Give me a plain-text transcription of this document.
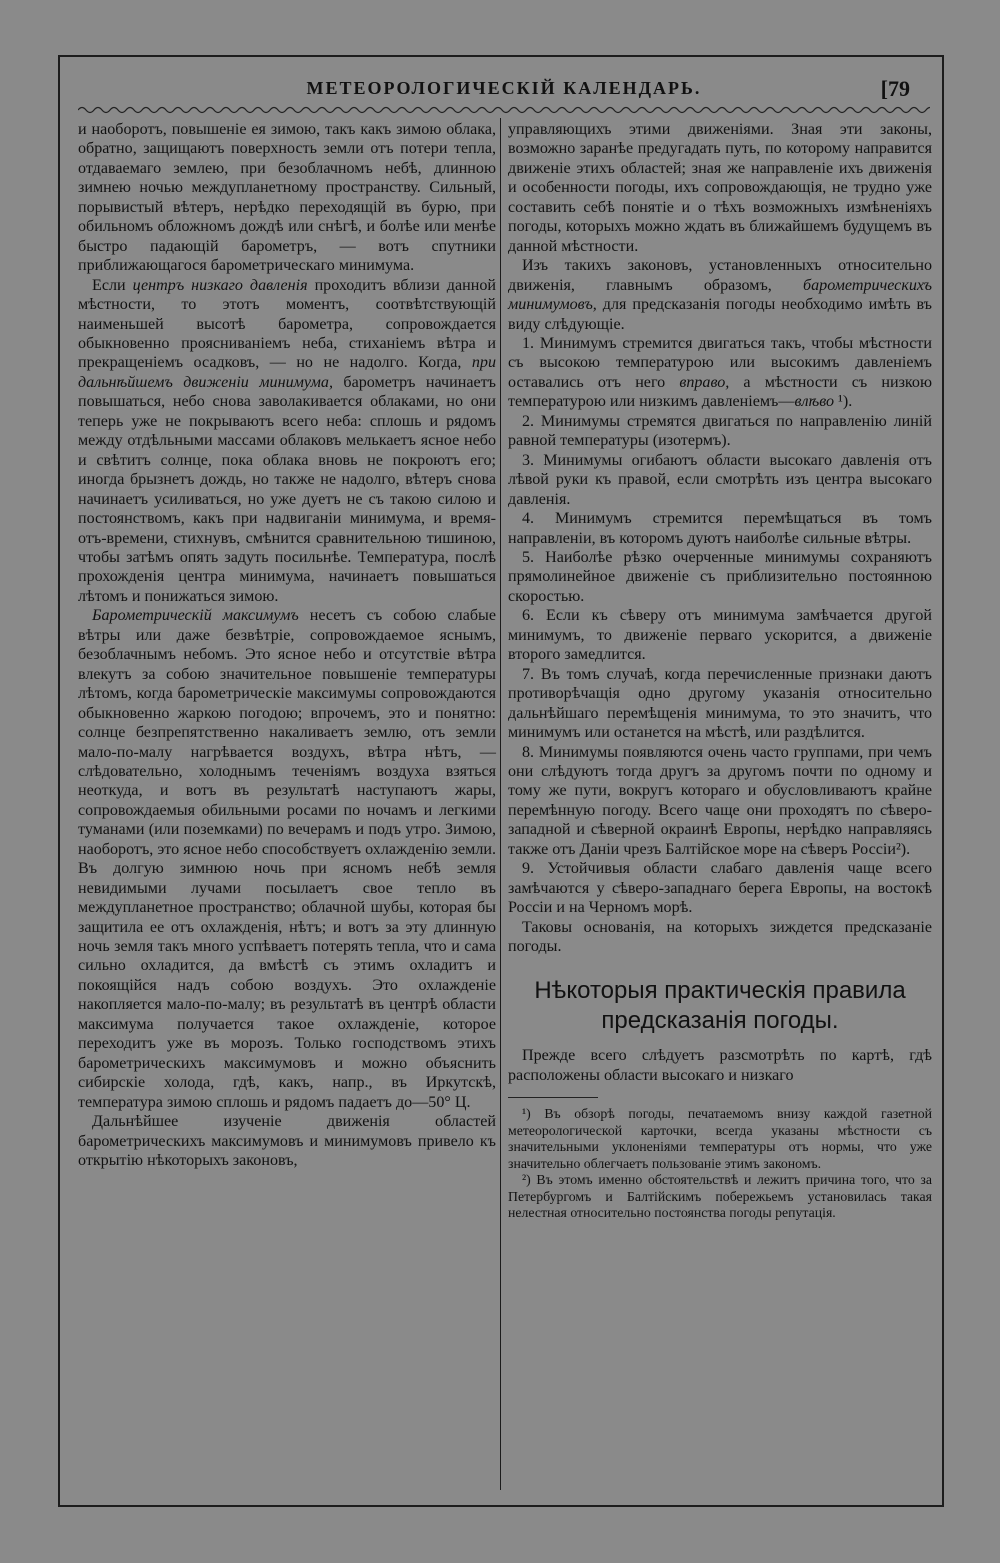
МЕТЕОРОЛОГИЧЕСКІЙ КАЛЕНДАРЬ.	[79

и наоборотъ, повышеніе ея зимою, такъ какъ зимою облака, обратно, защищаютъ поверхность земли отъ потери тепла, отдаваемаго землею, при безоблачномъ небѣ, длинною зимнею ночью междупланетному пространству. Сильный, порывистый вѣтеръ, нерѣдко переходящій въ бурю, при обильномъ обложномъ дождѣ или снѣгѣ, и болѣе или менѣе быстро падающій барометръ, — вотъ спутники приближающагося барометрическаго минимума.

Если центръ низкаго давленія проходитъ вблизи данной мѣстности, то этотъ моментъ, соотвѣтствующій наименьшей высотѣ барометра, сопровождается обыкновенно проясниваніемъ неба, стиханіемъ вѣтра и прекращеніемъ осадковъ, — но не надолго. Когда, при дальнѣйшемъ движеніи минимума, барометръ начинаетъ повышаться, небо снова заволакивается облаками, но они теперь уже не покрываютъ всего неба: сплошь и рядомъ между отдѣльными массами облаковъ мелькаетъ ясное небо и свѣтитъ солнце, пока облака вновь не покроютъ его; иногда брызнетъ дождь, но также не надолго, вѣтеръ снова начинаетъ усиливаться, но уже дуетъ не съ такою силою и постоянствомъ, какъ при надвиганіи минимума, и время-отъ-времени, стихнувъ, смѣнится сравнительною тишиною, чтобы затѣмъ опять задуть посильнѣе. Температура, послѣ прохожденія центра минимума, начинаетъ повышаться лѣтомъ и понижаться зимою.

Барометрическій максимумъ несетъ съ собою слабые вѣтры или даже безвѣтріе, сопровождаемое яснымъ, безоблачнымъ небомъ. Это ясное небо и отсутствіе вѣтра влекутъ за собою значительное повышеніе температуры лѣтомъ, когда барометрическіе максимумы сопровождаются обыкновенно жаркою погодою; впрочемъ, это и понятно: солнце безпрепятственно накаливаетъ землю, отъ земли мало-по-малу нагрѣвается воздухъ, вѣтра нѣтъ, — слѣдовательно, холоднымъ теченіямъ воздуха взяться неоткуда, и вотъ въ результатѣ наступаютъ жары, сопровождаемыя обильными росами по ночамъ и легкими туманами (или поземками) по вечерамъ и подъ утро. Зимою, наоборотъ, это ясное небо способствуетъ охлажденію земли. Въ долгую зимнюю ночь при ясномъ небѣ земля невидимыми лучами посылаетъ свое тепло въ междупланетное пространство; облачной шубы, которая бы защитила ее отъ охлажденія, нѣтъ; и вотъ за эту длинную ночь земля такъ много успѣваетъ потерять тепла, что и сама сильно охладится, да вмѣстѣ съ этимъ охладитъ и покоящійся надъ собою воздухъ. Это охлажденіе накопляется мало-по-малу; въ результатѣ въ центрѣ области максимума получается такое охлажденіе, которое переходитъ уже въ морозъ. Только господствомъ этихъ барометрическихъ максимумовъ и можно объяснить сибирскіе холода, гдѣ, какъ, напр., въ Иркутскѣ, температура зимою сплошь и рядомъ падаетъ до—50° Ц.

Дальнѣйшее изученіе движенія областей барометрическихъ максимумовъ и минимумовъ привело къ открытію нѣкоторыхъ законовъ,

управляющихъ этими движеніями. Зная эти законы, возможно заранѣе предугадать путь, по которому направится движеніе этихъ областей; зная же направленіе ихъ движенія и особенности погоды, ихъ сопровождающія, не трудно уже составить себѣ понятіе и о тѣхъ возможныхъ измѣненіяхъ погоды, которыхъ можно ждать въ ближайшемъ будущемъ въ данной мѣстности.

Изъ такихъ законовъ, установленныхъ относительно движенія, главнымъ образомъ, барометрическихъ минимумовъ, для предсказанія погоды необходимо имѣть въ виду слѣдующіе.

1. Минимумъ стремится двигаться такъ, чтобы мѣстности съ высокою температурою или высокимъ давленіемъ оставались отъ него вправо, а мѣстности съ низкою температурою или низкимъ давленіемъ—влѣво ¹).

2. Минимумы стремятся двигаться по направленію линій равной температуры (изотермъ).

3. Минимумы огибаютъ области высокаго давленія отъ лѣвой руки къ правой, если смотрѣть изъ центра высокаго давленія.

4. Минимумъ стремится перемѣщаться въ томъ направленіи, въ которомъ дуютъ наиболѣе сильные вѣтры.

5. Наиболѣе рѣзко очерченные минимумы сохраняютъ прямолинейное движеніе съ приблизительно постоянною скоростью.

6. Если къ сѣверу отъ минимума замѣчается другой минимумъ, то движеніе перваго ускорится, а движеніе второго замедлится.

7. Въ томъ случаѣ, когда перечисленные признаки даютъ противорѣчащія одно другому указанія относительно дальнѣйшаго перемѣщенія минимума, то это значитъ, что минимумъ или останется на мѣстѣ, или раздѣлится.

8. Минимумы появляются очень часто группами, при чемъ они слѣдуютъ тогда другъ за другомъ почти по одному и тому же пути, вокругъ котораго и обусловливаютъ крайне перемѣнную погоду. Всего чаще они проходятъ по сѣверо-западной и сѣверной окраинѣ Европы, нерѣдко направляясь также отъ Даніи чрезъ Балтійское море на сѣверъ Россіи²).

9. Устойчивыя области слабаго давленія чаще всего замѣчаются у сѣверо-западнаго берега Европы, на востокѣ Россіи и на Черномъ морѣ.

Таковы основанія, на которыхъ зиждется предсказаніе погоды.

Нѣкоторыя практическія правила предсказанія погоды.

Прежде всего слѣдуетъ разсмотрѣть по картѣ, гдѣ расположены области высокаго и низкаго

¹) Въ обзорѣ погоды, печатаемомъ внизу каждой газетной метеорологической карточки, всегда указаны мѣстности съ значительными уклоненіями температуры отъ нормы, что уже значительно облегчаетъ пользованіе этимъ закономъ.

²) Въ этомъ именно обстоятельствѣ и лежитъ причина того, что за Петербургомъ и Балтійскимъ побережьемъ установилась такая нелестная относительно постоянства погоды репутація.
